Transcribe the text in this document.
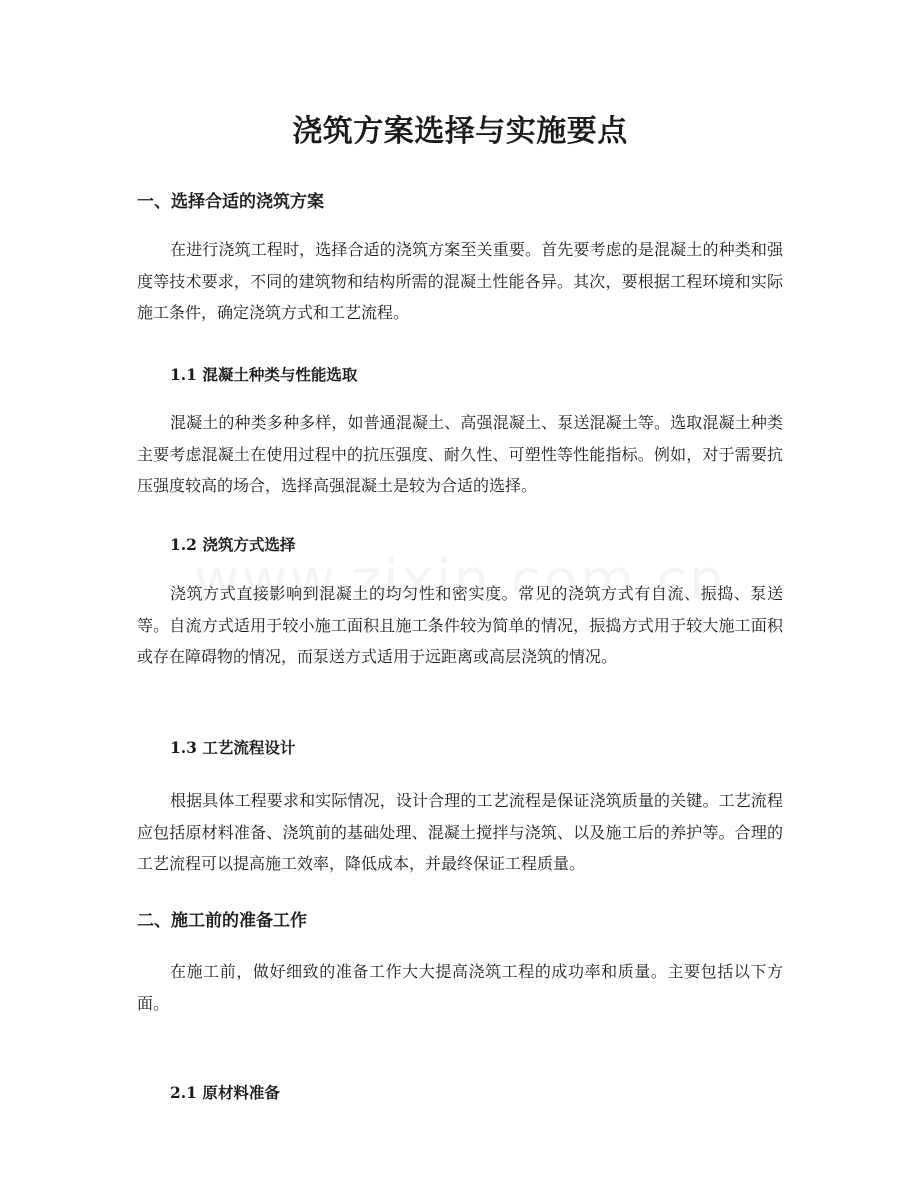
浇筑方案选择与实施要点
一、选择合适的浇筑方案

在进行浇筑工程时，选择合适的浇筑方案至关重要。首先要考虑的是混凝土的种类和强度等技术要求，不同的建筑物和结构所需的混凝土性能各异。其次，要根据工程环境和实际施工条件，确定浇筑方式和工艺流程。

1.1 混凝土种类与性能选取

混凝土的种类多种多样，如普通混凝土、高强混凝土、泵送混凝土等。选取混凝土种类主要考虑混凝土在使用过程中的抗压强度、耐久性、可塑性等性能指标。例如，对于需要抗压强度较高的场合，选择高强混凝土是较为合适的选择。

1.2 浇筑方式选择

浇筑方式直接影响到混凝土的均匀性和密实度。常见的浇筑方式有自流、振捣、泵送等。自流方式适用于较小施工面积且施工条件较为简单的情况，振捣方式用于较大施工面积或存在障碍物的情况，而泵送方式适用于远距离或高层浇筑的情况。

1.3 工艺流程设计

根据具体工程要求和实际情况，设计合理的工艺流程是保证浇筑质量的关键。工艺流程应包括原材料准备、浇筑前的基础处理、混凝土搅拌与浇筑、以及施工后的养护等。合理的工艺流程可以提高施工效率，降低成本，并最终保证工程质量。

二、施工前的准备工作

在施工前，做好细致的准备工作大大提高浇筑工程的成功率和质量。主要包括以下方面。

2.1 原材料准备
